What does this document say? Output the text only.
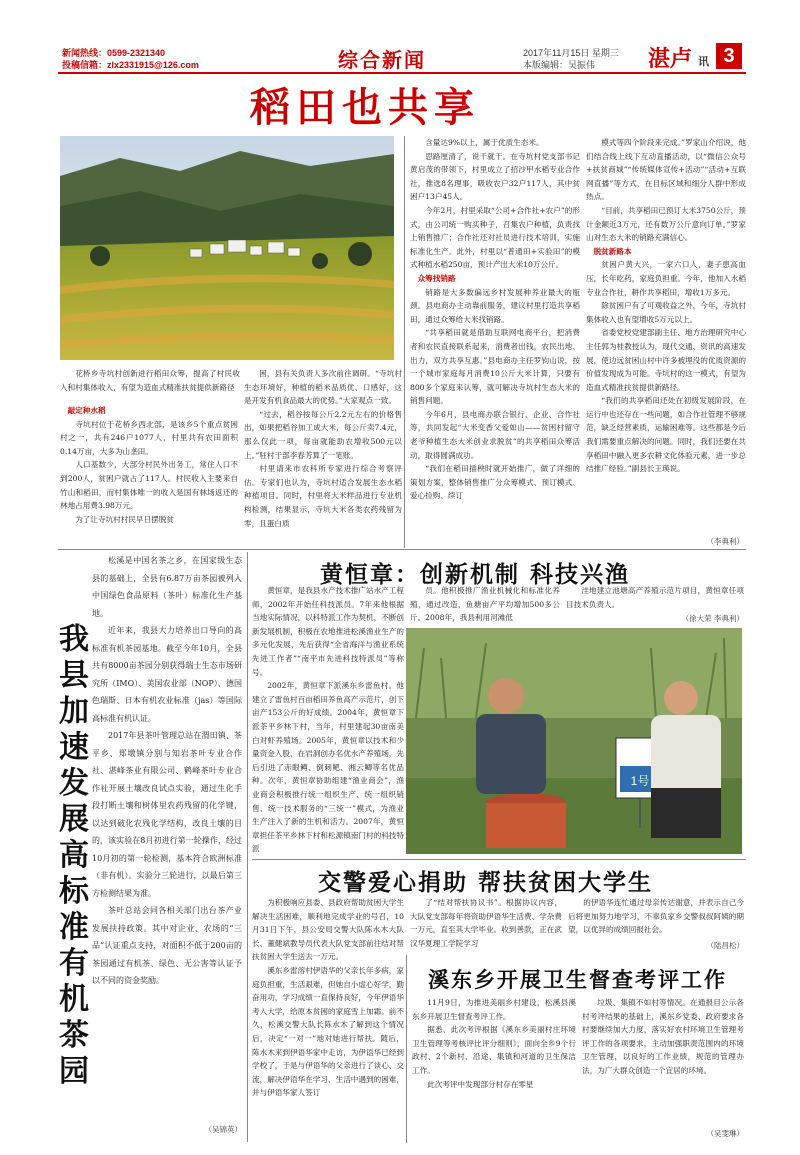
新闻热线：0599-2321340
投稿信箱：zlx2331915@126.com	综合新闻	2017年11月15日 星期三
本版编辑：吴振伟	湛卢 讯 3
稻田也共享

花桥乡寺坑村创新进行稻田众筹，提高了村民收入和村集体收入，有望为造血式精准扶贫提供新路径

敲定种水稻

寺坑村位于花桥乡西北部，是该乡5个重点贫困村之一，共有246户1077人，村里共有农田面积0.14万亩，大多为山垄田。

人口基数少，大部分村民外出务工，常住人口不到200人，贫困户就占了117人。村民收入主要来自竹山和稻田，而村集体唯一的收入是国有林场返还的林地占用费3.98万元。

为了让寺坑村村民早日摆脱贫

困，县有关负责人多次前往调研。“寺坑村生态环境好，种植的稻米品质优、口感好，这是开发有机食品最大的优势。”大家观点一致。

“过去，稻谷按每公斤2.2元左右的价格售出，如果把稻谷加工成大米，每公斤卖7.4元，那么仅此一项，每亩就能助农增收500元以上。”驻村干部李春芳算了一笔账。

村里请来市农科所专家进行综合考察评估。专家们也认为，寺坑村适合发展生态水稻种植项目。同时，村里将大米样品进行专业机构检测，结果显示，寺坑大米各类农药残留为零，且蛋白质

含量达9%以上，属于优质生态米。

思路厘清了，说干就干。在寺坑村党支部书记黄启茂的带领下，村里成立了招沙甲水稻专业合作社，推选8名理事，吸收农户32户117人，其中贫困户13户45人。

今年2月，村里采取“公司+合作社+农户”的形式，由公司统一购买种子，召集农户种植，负责找上销售推广；合作社还对社员进行技术培训，实施标准化生产。此外，村里以“普通田+实验田”的模式种植水稻250亩，预计产出大米10万公斤。

众筹找销路

销路是大多数偏远乡村发展种养业最大的瓶颈。县电商办主动靠前服务，建议村里打造共享稻田，通过众筹给大米找销路。

“共享稻田就是借助互联网电商平台，把消费者和农民直接联系起来，消费者出钱，农民出地、出力，双方共享互惠。”县电商办主任罗钧山说，按一个城市家庭每月消费10公斤大米计算，只要有800多个家庭来认筹，就可解决寺坑村生态大米的销售问题。

今年6月，县电商办联合银行、企业、合作社等，共同发起“大米变香父爱如山——贫困村留守老爷种植生态大米创业求脱贫”的共享稻田众筹活动，取得圆满成功。

“我们在稻田插秧时就开始推广，做了详细的策划方案，整体销售推广分众筹模式、预订模式、爱心捡购、续订

模式等四个阶段来完成。”罗家山介绍说，他们结合线上线下互动直播活动，以“微信公众号+扶贫商城”“传统媒体宣传+活动”“活动+互联网直播”等方式，在目标区域和细分人群中形成热点。

“目前，共享稻田已预订大米3750公斤，预计金额近3万元，还有数万公斤意向订单。”罗家山对生态大米的销路充满信心。

脱贫新路本

贫困户黄大兴，一家六口人，妻子患高血压，长年吃药，家庭负担重。今年，他加入水稻专业合作社，耕作共享稻田，增收1万多元。

除贫困户有了可观收益之外，今年，寺坑村集体收入也有望增收5万元以上。

省委党校党建部副主任、地方治理研究中心主任郭为桂教授认为，现代交通、资讯的高速发展，使边远贫困山村中许多被埋没的优质资源的价值发现成为可能。寺坑村的这一模式，有望为造血式精准扶贫提供新路径。

“我们的共享稻田还处在初级发展阶段，在运行中也还存在一些问题，如合作社管理不够规范，缺乏经营素质，运输困难等。这些都是今后我们需要重点解决的问题。同时，我们还要在共享稻田中融入更多农耕文化体验元素，进一步总结推广经验。”副县长王瑛说。

（李典利）
我县加速发展高标准有机茶园

松溪是中国名茶之乡，在国家级生态县的基础上，全县有6.87万亩茶园被列入中国绿色食品原料（茶叶）标准化生产基地。

近年来，我县大力培养出口导向的高标准有机茶园基地。截至今年10月，全县共有8000亩茶园分别获得瑞士生态市场研究所（IMO）、美国农业部（NOP）、德国色瑞斯、日本有机农业标准（jas）等国际高标准有机认证。

2017年县茶叶管理总站在渭田镇、茶平乡、郑墩镇分别与知岩茶叶专业合作社、湛峰茶业有限公司、鹤峰茶叶专业合作社开展土壤改良试点实验，通过生化手段打断土壤和树体里农药残留的化学键，以达到破化农残化学结构，改良土壤的目的，该实验在8月初进行第一轮操作，经过10月初的第一轮检测，基本符合欧洲标准（非有机）。实验分三轮进行，以最后第三方检测结果为准。

茶叶总站会同各相关部门出台茶产业发展扶持政策。其中对企业、农场的“三品”认证重点支持，对面积不低于200亩的茶园通过有机茶、绿色、无公害等认证予以不同的资金奖励。

（吴锦英）
黄恒章：创新机制 科技兴渔

黄恒章，是我县水产技术推广站水产工程师，2002年开始任科技派员。7年来他根据当地实际情况，以科特派工作为契机，不断创新发展机制，积极在农地推进松溪渔业生产的多元化发展，先后获得“全省海洋与渔业系统先进工作者”“南平市先进科技特派员”等称号。

2002年，黄恒章下派溪东乡雷鱼村。他建立了雷鱼村百亩稻田养鱼高产示范片，创下亩产153公斤的好成绩。2004年，黄恒章下派茶平乡林下村，当年，村里建起30亩南美白对虾养殖场。2005年，黄恒章以技术和少量资金入股，在岩洞创办名优水产养殖场，先后引进了赤眼鳟、倒刺鲃、湘云鲫等名优品种。次年，黄恒章协助组建“渔业商会”，渔业商会积极推行统一组织生产、统一组织销售、统一技术服务的“三统一”模式，为渔业生产注入了新的生机和活力。2007年，黄恒章担任茶平乡林下村和松源镇南门村的科技特派

员。他积极推广渔业机械化和标准化养殖，通过改造，鱼塘亩产平均增加500多公斤。2008年，我县利用河滩低

洼地建立池塘高产养殖示范片项目，黄恒章任项目技术负责人。

（徐大荣 李典利）
1号
交警爱心捐助 帮扶贫困大学生

为积极响应县委、县政府帮助贫困大学生解决生活困难，顺利地完成学业的号召，10月31日下午，县公安局交警大队陈水木大队长、董健斌教导员代表大队党支部前往结对帮扶贫困大学生送去一万元。

溪东乡雷溶村伊语华的父亲长年多病，家庭负担重，生活艰难，但她自小虚心好学，勤奋用功，学习成绩一直保持良好，今年伊语华考入大学，给原本贫困的家庭雪上加霜。前不久，松溪交警大队长陈水木了解到这个情况后，决定“一对一”地对她进行帮扶。随后，陈水木来到伊语华家中走访，为伊语华已经到学校了，于是与伊语华的父亲进行了谈心、交流，解决伊语华在学习、生活中遇到的困难，并与伊语华家人签订

了“结对帮扶协议书”。根据协议内容，大队党支部每年将资助伊语华生活费、学杂费一万元，直至其大学毕业。收到善款，正在武汉华夏理工学院学习

的伊语华连忙通过母亲传达谢意，并表示自己今后将更加努力地学习，不辜负家乡交警叔叔阿姨的期望，以优异的成绩回报社会。

（陆昌松）
溪东乡开展卫生督查考评工作

11月9日，为推进美丽乡村建设，松溪县溪东乡开展卫生督查考评工作。

据悉，此次考评根据《溪东乡美丽村庄环境卫生管理等考核评比评分细则》，面向全乡9个行政村、2个新村、沿途、集镇和河道的卫生保洁工作。

此次考评中发现部分村存在零星

垃圾、集镇不如村等情况。在通报目公示各村考评结果的基础上，溪东乡党委、政府要求各村要继续加大力度，落实好农村环境卫生管理考评工作的各项要求，主动加强职责范围内的环境卫生管理，以良好的工作业绩，规范的管理办法，为广大群众创造一个宜居的环境。

（吴雯琳）
